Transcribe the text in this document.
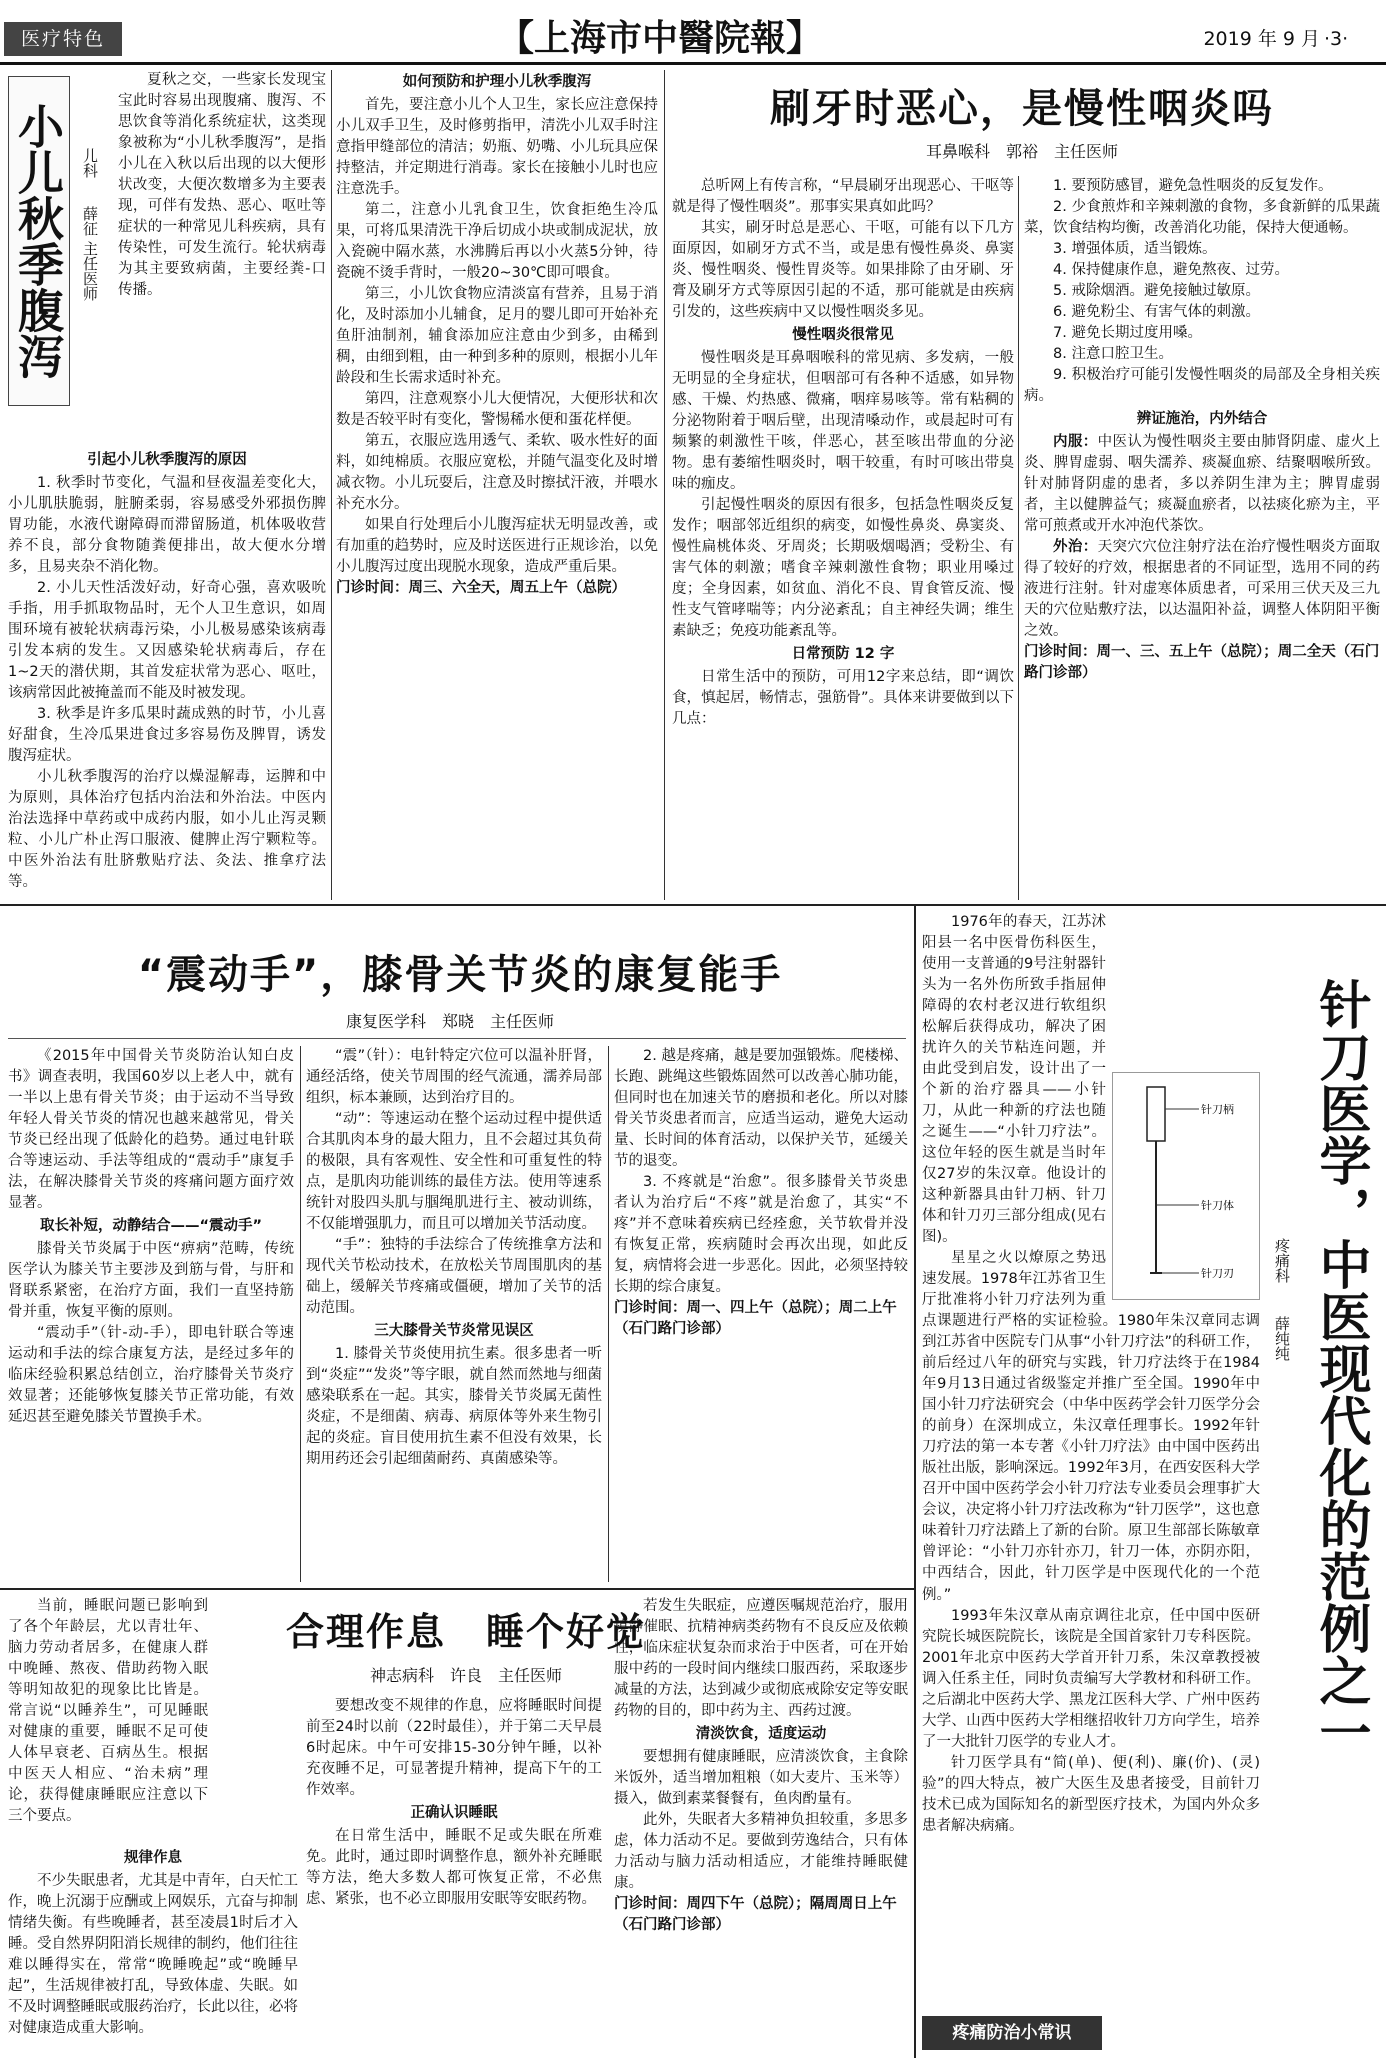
医疗特色	【上海市中醫院報】	2019 年 9 月 ·3·
小儿秋季腹泻	儿科
薛征 主任医师

夏秋之交，一些家长发现宝宝此时容易出现腹痛、腹泻、不思饮食等消化系统症状，这类现象被称为“小儿秋季腹泻”，是指小儿在入秋以后出现的以大便形状改变，大便次数增多为主要表现，可伴有发热、恶心、呕吐等症状的一种常见儿科疾病，具有传染性，可发生流行。轮状病毒为其主要致病菌，主要经粪-口传播。

引起小儿秋季腹泻的原因

1. 秋季时节变化，气温和昼夜温差变化大，小儿肌肤脆弱，脏腑柔弱，容易感受外邪损伤脾胃功能，水液代谢障碍而滞留肠道，机体吸收营养不良，部分食物随粪便排出，故大便水分增多，且易夹杂不消化物。

2. 小儿天性活泼好动，好奇心强，喜欢吸吮手指，用手抓取物品时，无个人卫生意识，如周围环境有被轮状病毒污染，小儿极易感染该病毒引发本病的发生。又因感染轮状病毒后，存在1~2天的潜伏期，其首发症状常为恶心、呕吐，该病常因此被掩盖而不能及时被发现。

3. 秋季是许多瓜果时蔬成熟的时节，小儿喜好甜食，生冷瓜果进食过多容易伤及脾胃，诱发腹泻症状。

小儿秋季腹泻的治疗以燥湿解毒，运脾和中为原则，具体治疗包括内治法和外治法。中医内治法选择中草药或中成药内服，如小儿止泻灵颗粒、小儿广朴止泻口服液、健脾止泻宁颗粒等。中医外治法有肚脐敷贴疗法、灸法、推拿疗法等。

如何预防和护理小儿秋季腹泻

首先，要注意小儿个人卫生，家长应注意保持小儿双手卫生，及时修剪指甲，清洗小儿双手时注意指甲缝部位的清洁；奶瓶、奶嘴、小儿玩具应保持整洁，并定期进行消毒。家长在接触小儿时也应注意洗手。

第二，注意小儿乳食卫生，饮食拒绝生冷瓜果，可将瓜果清洗干净后切成小块或制成泥状，放入瓷碗中隔水蒸，水沸腾后再以小火蒸5分钟，待瓷碗不烫手背时，一般20~30℃即可喂食。

第三，小儿饮食物应清淡富有营养，且易于消化，及时添加小儿辅食，足月的婴儿即可开始补充鱼肝油制剂，辅食添加应注意由少到多，由稀到稠，由细到粗，由一种到多种的原则，根据小儿年龄段和生长需求适时补充。

第四，注意观察小儿大便情况，大便形状和次数是否较平时有变化，警惕稀水便和蛋花样便。

第五，衣服应选用透气、柔软、吸水性好的面料，如纯棉质。衣服应宽松，并随气温变化及时增减衣物。小儿玩耍后，注意及时擦拭汗液，并喂水补充水分。

如果自行处理后小儿腹泻症状无明显改善，或有加重的趋势时，应及时送医进行正规诊治，以免小儿腹泻过度出现脱水现象，造成严重后果。

门诊时间：周三、六全天，周五上午（总院）

刷牙时恶心，是慢性咽炎吗
耳鼻喉科　郭裕　主任医师

总听网上有传言称，“早晨刷牙出现恶心、干呕等就是得了慢性咽炎”。那事实果真如此吗？

其实，刷牙时总是恶心、干呕，可能有以下几方面原因，如刷牙方式不当，或是患有慢性鼻炎、鼻窦炎、慢性咽炎、慢性胃炎等。如果排除了由牙刷、牙膏及刷牙方式等原因引起的不适，那可能就是由疾病引发的，这些疾病中又以慢性咽炎多见。

慢性咽炎很常见

慢性咽炎是耳鼻咽喉科的常见病、多发病，一般无明显的全身症状，但咽部可有各种不适感，如异物感、干燥、灼热感、微痛，咽痒易咳等。常有粘稠的分泌物附着于咽后壁，出现清嗓动作，或晨起时可有频繁的刺激性干咳，伴恶心，甚至咳出带血的分泌物。患有萎缩性咽炎时，咽干较重，有时可咳出带臭味的痂皮。

引起慢性咽炎的原因有很多，包括急性咽炎反复发作；咽部邻近组织的病变，如慢性鼻炎、鼻窦炎、慢性扁桃体炎、牙周炎；长期吸烟喝酒；受粉尘、有害气体的刺激；嗜食辛辣刺激性食物；职业用嗓过度；全身因素，如贫血、消化不良、胃食管反流、慢性支气管哮喘等；内分泌紊乱；自主神经失调；维生素缺乏；免疫功能紊乱等。

日常预防 12 字

日常生活中的预防，可用12字来总结，即“调饮食，慎起居，畅情志，强筋骨”。具体来讲要做到以下几点：

1. 要预防感冒，避免急性咽炎的反复发作。

2. 少食煎炸和辛辣刺激的食物，多食新鲜的瓜果蔬菜，饮食结构均衡，改善消化功能，保持大便通畅。

3. 增强体质，适当锻炼。

4. 保持健康作息，避免熬夜、过劳。

5. 戒除烟酒。避免接触过敏原。

6. 避免粉尘、有害气体的刺激。

7. 避免长期过度用嗓。

8. 注意口腔卫生。

9. 积极治疗可能引发慢性咽炎的局部及全身相关疾病。

辨证施治，内外结合

内服：中医认为慢性咽炎主要由肺肾阴虚、虚火上炎、脾胃虚弱、咽失濡养、痰凝血瘀、结聚咽喉所致。针对肺肾阴虚的患者，多以养阴生津为主；脾胃虚弱者，主以健脾益气；痰凝血瘀者，以祛痰化瘀为主，平常可煎煮或开水冲泡代茶饮。

外治：天突穴穴位注射疗法在治疗慢性咽炎方面取得了较好的疗效，根据患者的不同证型，选用不同的药液进行注射。针对虚寒体质患者，可采用三伏天及三九天的穴位贴敷疗法，以达温阳补益，调整人体阴阳平衡之效。

门诊时间：周一、三、五上午（总院）；周二全天（石门路门诊部）

“震动手”，膝骨关节炎的康复能手
康复医学科　郑晓　主任医师

《2015年中国骨关节炎防治认知白皮书》调查表明，我国60岁以上老人中，就有一半以上患有骨关节炎；由于运动不当导致年轻人骨关节炎的情况也越来越常见，骨关节炎已经出现了低龄化的趋势。通过电针联合等速运动、手法等组成的“震动手”康复手法，在解决膝骨关节炎的疼痛问题方面疗效显著。

取长补短，动静结合——“震动手”

膝骨关节炎属于中医“痹病”范畴，传统医学认为膝关节主要涉及到筋与骨，与肝和肾联系紧密，在治疗方面，我们一直坚持筋骨并重，恢复平衡的原则。

“震动手”（针-动-手），即电针联合等速运动和手法的综合康复方法，是经过多年的临床经验积累总结创立，治疗膝骨关节炎疗效显著；还能够恢复膝关节正常功能，有效延迟甚至避免膝关节置换手术。

“震”（针）：电针特定穴位可以温补肝肾，通经活络，使关节周围的经气流通，濡养局部组织，标本兼顾，达到治疗目的。

“动”：等速运动在整个运动过程中提供适合其肌肉本身的最大阻力，且不会超过其负荷的极限，具有客观性、安全性和可重复性的特点，是肌肉功能训练的最佳方法。使用等速系统针对股四头肌与腘绳肌进行主、被动训练，不仅能增强肌力，而且可以增加关节活动度。

“手”：独特的手法综合了传统推拿方法和现代关节松动技术，在放松关节周围肌肉的基础上，缓解关节疼痛或僵硬，增加了关节的活动范围。

三大膝骨关节炎常见误区

1. 膝骨关节炎使用抗生素。很多患者一听到“炎症”“发炎”等字眼，就自然而然地与细菌感染联系在一起。其实，膝骨关节炎属无菌性炎症，不是细菌、病毒、病原体等外来生物引起的炎症。盲目使用抗生素不但没有效果，长期用药还会引起细菌耐药、真菌感染等。

2. 越是疼痛，越是要加强锻炼。爬楼梯、长跑、跳绳这些锻炼固然可以改善心肺功能，但同时也在加速关节的磨损和老化。所以对膝骨关节炎患者而言，应适当运动，避免大运动量、长时间的体育活动，以保护关节，延缓关节的退变。

3. 不疼就是“治愈”。很多膝骨关节炎患者认为治疗后“不疼”就是治愈了，其实“不疼”并不意味着疾病已经痊愈，关节软骨并没有恢复正常，疾病随时会再次出现，如此反复，病情将会进一步恶化。因此，必须坚持较长期的综合康复。

门诊时间：周一、四上午（总院）；周二上午（石门路门诊部）	针刀医学，中医现代化的范例之一
疼痛科
薛纯纯
针刀柄
针刀体
针刀刃

1976年的春天，江苏沭阳县一名中医骨伤科医生，使用一支普通的9号注射器针头为一名外伤所致手指屈伸障碍的农村老汉进行软组织松解后获得成功，解决了困扰许久的关节粘连问题，并由此受到启发，设计出了一个新的治疗器具——小针刀，从此一种新的疗法也随之诞生——“小针刀疗法”。这位年轻的医生就是当时年仅27岁的朱汉章。他设计的这种新器具由针刀柄、针刀体和针刀刃三部分组成(见右图)。

星星之火以燎原之势迅速发展。1978年江苏省卫生厅批准将小针刀疗法列为重点课题进行严格的实证检验。1980年朱汉章同志调到江苏省中医院专门从事“小针刀疗法”的科研工作，前后经过八年的研究与实践，针刀疗法终于在1984年9月13日通过省级鉴定并推广至全国。1990年中国小针刀疗法研究会（中华中医药学会针刀医学分会的前身）在深圳成立，朱汉章任理事长。1992年针刀疗法的第一本专著《小针刀疗法》由中国中医药出版社出版，影响深远。1992年3月，在西安医科大学召开中国中医药学会小针刀疗法专业委员会理事扩大会议，决定将小针刀疗法改称为“针刀医学”，这也意味着针刀疗法踏上了新的台阶。原卫生部部长陈敏章曾评论：“小针刀亦针亦刀，针刀一体，亦阴亦阳，中西结合，因此，针刀医学是中医现代化的一个范例。”

1993年朱汉章从南京调往北京，任中国中医研究院长城医院院长，该院是全国首家针刀专科医院。2001年北京中医药大学首开针刀系，朱汉章教授被调入任系主任，同时负责编写大学教材和科研工作。之后湖北中医药大学、黑龙江医科大学、广州中医药大学、山西中医药大学相继招收针刀方向学生，培养了一大批针刀医学的专业人才。

针刀医学具有“简(单)、便(利)、廉(价)、(灵)验”的四大特点，被广大医生及患者接受，目前针刀技术已成为国际知名的新型医疗技术，为国内外众多患者解决病痛。

疼痛防治小常识

当前，睡眠问题已影响到了各个年龄层，尤以青壮年、脑力劳动者居多，在健康人群中晚睡、熬夜、借助药物入眠等明知故犯的现象比比皆是。常言说“以睡养生”，可见睡眠对健康的重要，睡眠不足可使人体早衰老、百病丛生。根据中医天人相应、“治未病”理论，获得健康睡眠应注意以下三个要点。

合理作息 睡个好觉
神志病科　许良　主任医师

规律作息

不少失眠患者，尤其是中青年，白天忙工作，晚上沉溺于应酬或上网娱乐，亢奋与抑制情绪失衡。有些晚睡者，甚至凌晨1时后才入睡。受自然界阴阳消长规律的制约，他们往往难以睡得实在，常常“晚睡晚起”或“晚睡早起”，生活规律被打乱，导致体虚、失眠。如不及时调整睡眠或服药治疗，长此以往，必将对健康造成重大影响。

要想改变不规律的作息，应将睡眠时间提前至24时以前（22时最佳），并于第二天早晨6时起床。中午可安排15-30分钟午睡，以补充夜睡不足，可显著提升精神，提高下午的工作效率。

正确认识睡眠

在日常生活中，睡眠不足或失眠在所难免。此时，通过即时调整作息，额外补充睡眠等方法，绝大多数人都可恢复正常，不必焦虑、紧张，也不必立即服用安眠等安眠药物。

若发生失眠症，应遵医嘱规范治疗，服用镇静催眠、抗精神病类药物有不良反应及依赖性，临床症状复杂而求治于中医者，可在开始服中药的一段时间内继续口服西药，采取逐步减量的方法，达到减少或彻底戒除安定等安眠药物的目的，即中药为主、西药过渡。

清淡饮食，适度运动

要想拥有健康睡眠，应清淡饮食，主食除米饭外，适当增加粗粮（如大麦片、玉米等）摄入，做到素菜餐餐有，鱼肉酌量有。

此外，失眠者大多精神负担较重，多思多虑，体力活动不足。要做到劳逸结合，只有体力活动与脑力活动相适应，才能维持睡眠健康。

门诊时间：周四下午（总院）；隔周周日上午（石门路门诊部）
